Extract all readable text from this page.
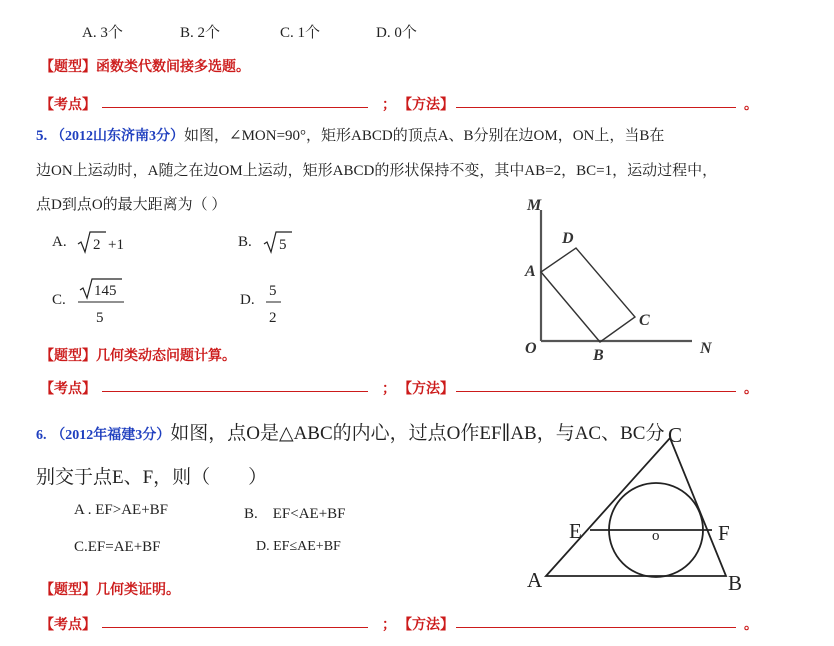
A. 3个	B. 2个	C. 1个	D. 0个
【题型】函数类代数间接多选题。
【考点】	； 【方法】	。
5. （2012山东济南3分）如图，∠MON=90°，矩形ABCD的顶点A、B分别在边OM，ON上，当B在
边ON上运动时，A随之在边OM上运动，矩形ABCD的形状保持不变，其中AB=2，BC=1，运动过程中，
点D到点O的最大距离为（ ）
A. 2 +1	B. 5
C.
145
5
D.
5
2
M
D
A
C
O	B	N
【题型】几何类动态问题计算。
【考点】	； 【方法】	。
6. （2012年福建3分）如图，点O是△ABC的内心，过点O作EF∥AB，与AC、BC分
别交于点E、F，则（　　）
A . EF>AE+BF	B.　EF<AE+BF
C.EF=AE+BF	D. EF≤AE+BF
C
E	o	F
A	B
【题型】几何类证明。
【考点】	； 【方法】	。
